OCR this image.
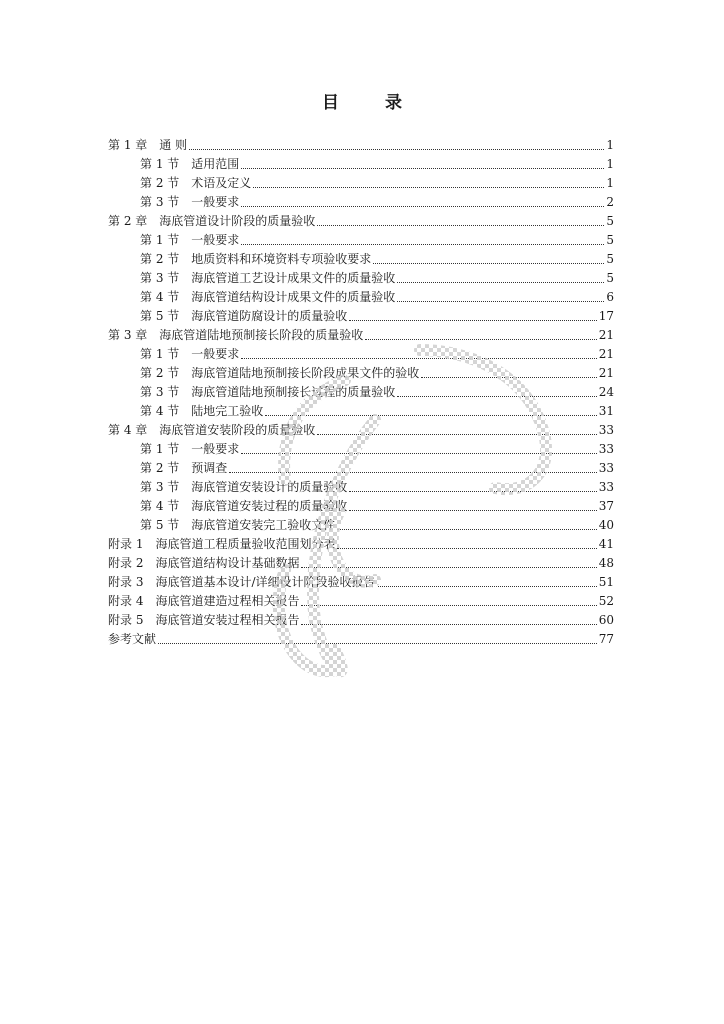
目 录
第 1 章 通 则	1
第 1 节 适用范围	1
第 2 节 术语及定义	1
第 3 节 一般要求	2
第 2 章 海底管道设计阶段的质量验收	5
第 1 节 一般要求	5
第 2 节 地质资料和环境资料专项验收要求	5
第 3 节 海底管道工艺设计成果文件的质量验收	5
第 4 节 海底管道结构设计成果文件的质量验收	6
第 5 节 海底管道防腐设计的质量验收	17
第 3 章 海底管道陆地预制接长阶段的质量验收	21
第 1 节 一般要求	21
第 2 节 海底管道陆地预制接长阶段成果文件的验收	21
第 3 节 海底管道陆地预制接长过程的质量验收	24
第 4 节 陆地完工验收	31
第 4 章 海底管道安装阶段的质量验收	33
第 1 节 一般要求	33
第 2 节 预调查	33
第 3 节 海底管道安装设计的质量验收	33
第 4 节 海底管道安装过程的质量验收	37
第 5 节 海底管道安装完工验收文件	40
附录 1 海底管道工程质量验收范围划分表	41
附录 2 海底管道结构设计基础数据	48
附录 3 海底管道基本设计/详细设计阶段验收报告	51
附录 4 海底管道建造过程相关报告	52
附录 5 海底管道安装过程相关报告	60
参考文献	77
